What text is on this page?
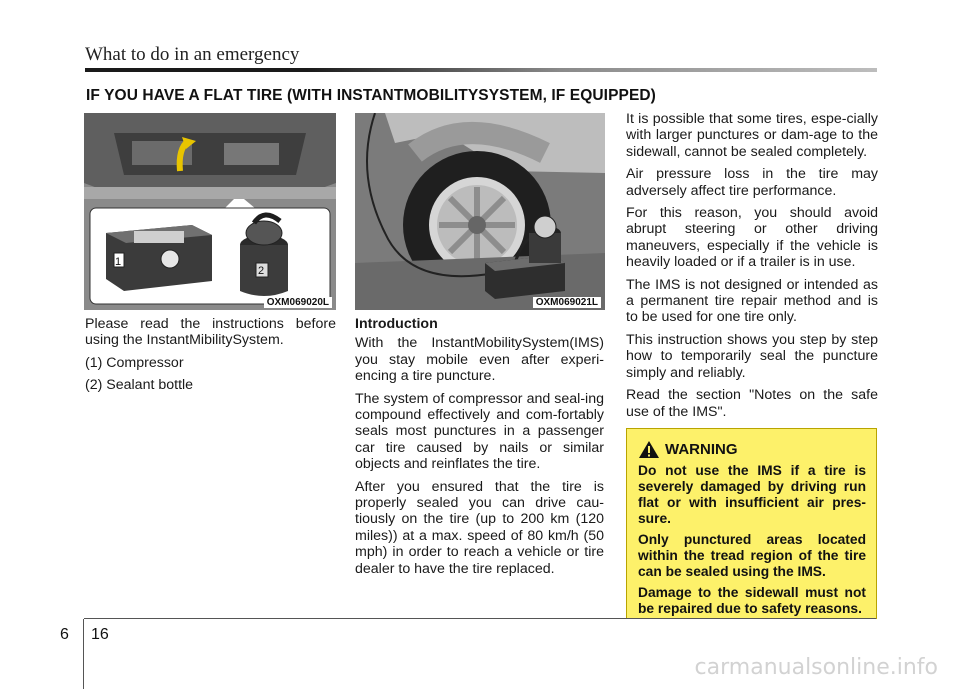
What to do in an emergency
IF YOU HAVE A FLAT TIRE (WITH INSTANTMOBILITYSYSTEM, IF EQUIPPED)
1
2
OXM069020L	OXM069021L

Please read the instructions before using the InstantMibilitySystem.

(1) Compressor

(2) Sealant bottle

Introduction

With the InstantMobilitySystem(IMS) you stay mobile even after experi-encing a tire puncture.

The system of compressor and seal-ing compound effectively and com-fortably seals most punctures in a passenger car tire caused by nails or similar objects and reinflates the tire.

After you ensured that the tire is properly sealed you can drive cau-tiously on the tire (up to 200 km (120 miles)) at a max. speed of 80 km/h (50 mph) in order to reach a vehicle or tire dealer to have the tire replaced.

It is possible that some tires, espe-cially with larger punctures or dam-age to the sidewall, cannot be sealed completely.

Air pressure loss in the tire may adversely affect tire performance.

For this reason, you should avoid abrupt steering or other driving maneuvers, especially if the vehicle is heavily loaded or if a trailer is in use.

The IMS is not designed or intended as a permanent tire repair method and is to be used for one tire only.

This instruction shows you step by step how to temporarily seal the puncture simply and reliably.

Read the section "Notes on the safe use of the IMS".

WARNING

Do not use the IMS if a tire is severely damaged by driving run flat or with insufficient air pres-sure.

Only punctured areas located within the tread region of the tire can be sealed using the IMS.

Damage to the sidewall must not be repaired due to safety reasons.

6 16
carmanualsonline.info
